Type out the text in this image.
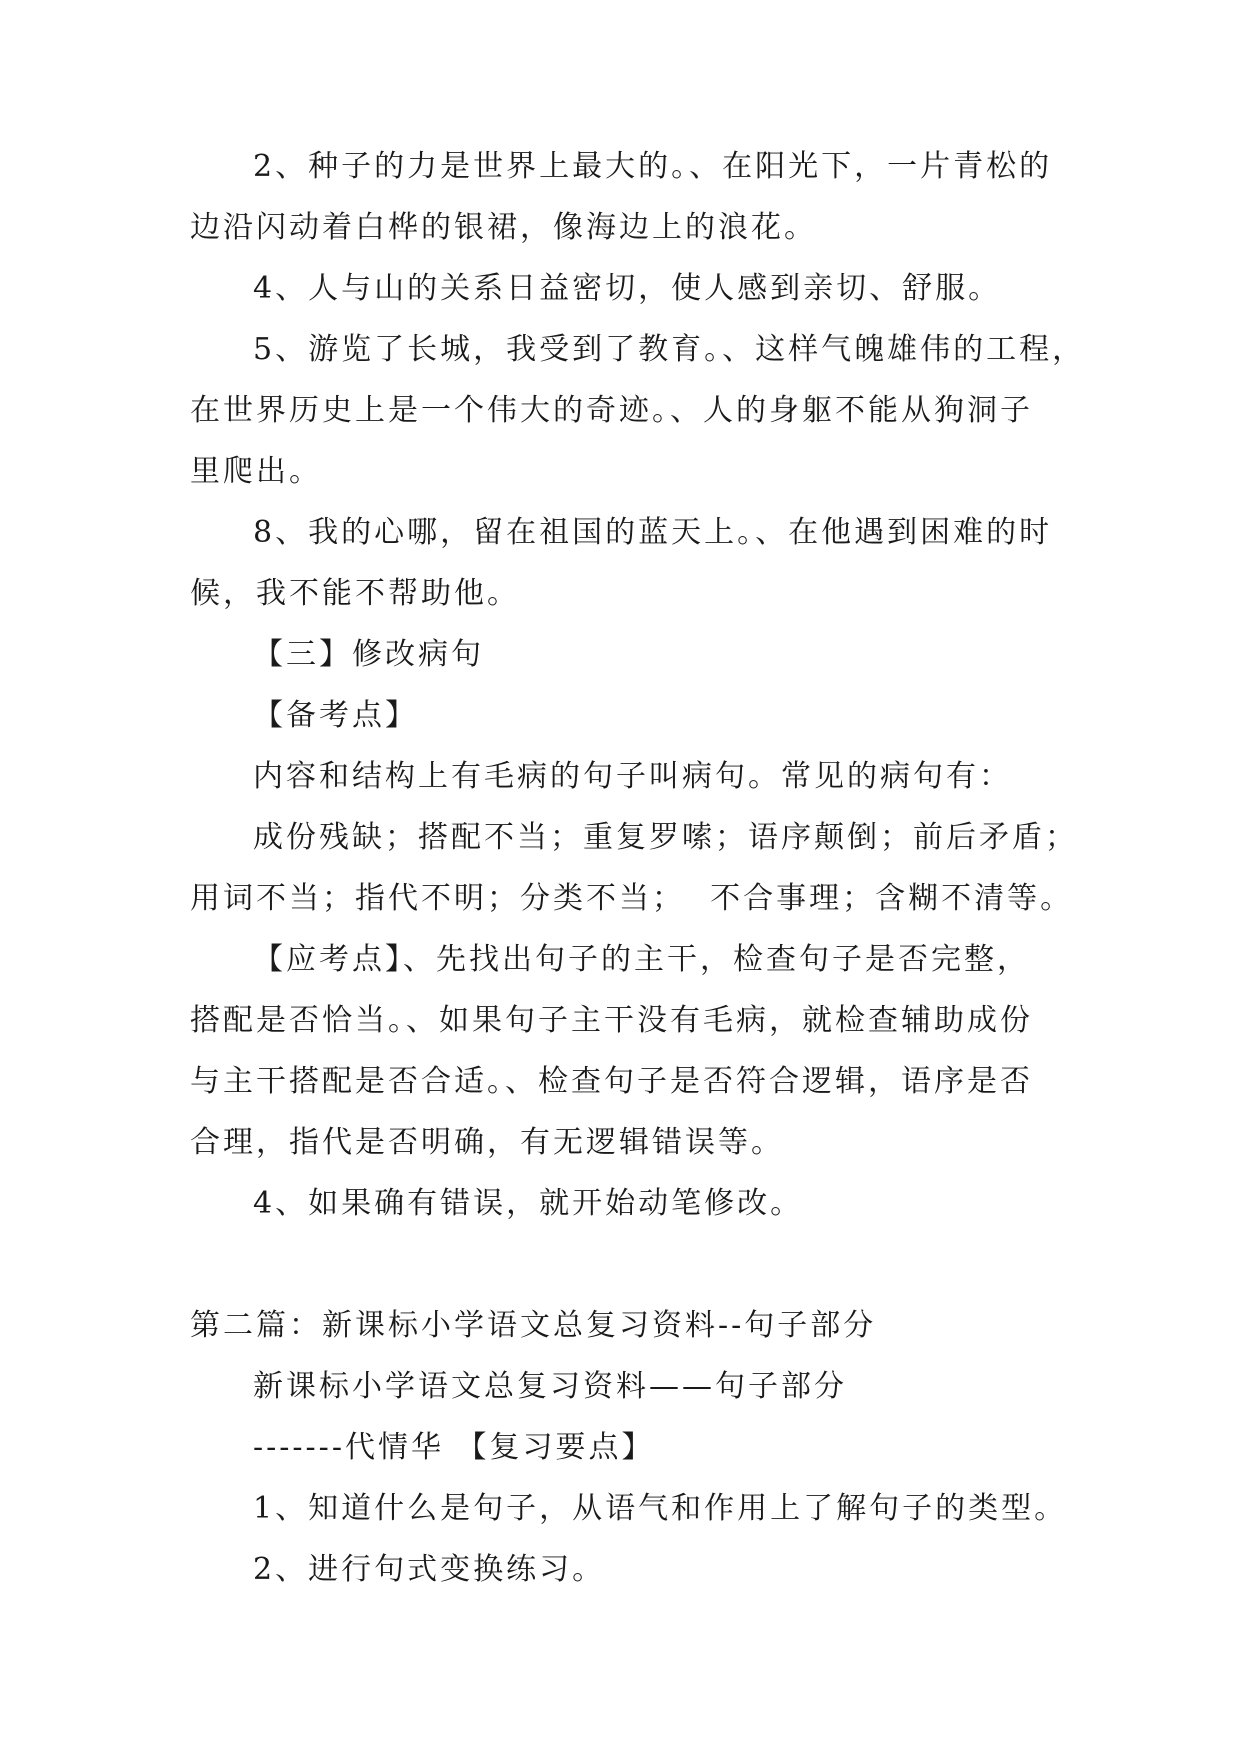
2、种子的力是世界上最大的。、在阳光下，一片青松的

边沿闪动着白桦的银裙，像海边上的浪花。

4、人与山的关系日益密切，使人感到亲切、舒服。

5、游览了长城，我受到了教育。、这样气魄雄伟的工程，

在世界历史上是一个伟大的奇迹。、人的身躯不能从狗洞子

里爬出。

8、我的心哪，留在祖国的蓝天上。、在他遇到困难的时

候，我不能不帮助他。

【三】修改病句

【备考点】

内容和结构上有毛病的句子叫病句。常见的病句有：

成份残缺；搭配不当；重复罗嗦；语序颠倒；前后矛盾；

用词不当；指代不明；分类不当；  不合事理；含糊不清等。

【应考点】、先找出句子的主干，检查句子是否完整，

搭配是否恰当。、如果句子主干没有毛病，就检查辅助成份

与主干搭配是否合适。、检查句子是否符合逻辑，语序是否

合理，指代是否明确，有无逻辑错误等。

4、如果确有错误，就开始动笔修改。

第二篇：新课标小学语文总复习资料--句子部分

新课标小学语文总复习资料——句子部分

-------代情华 【复习要点】

1、知道什么是句子，从语气和作用上了解句子的类型。

2、进行句式变换练习。
